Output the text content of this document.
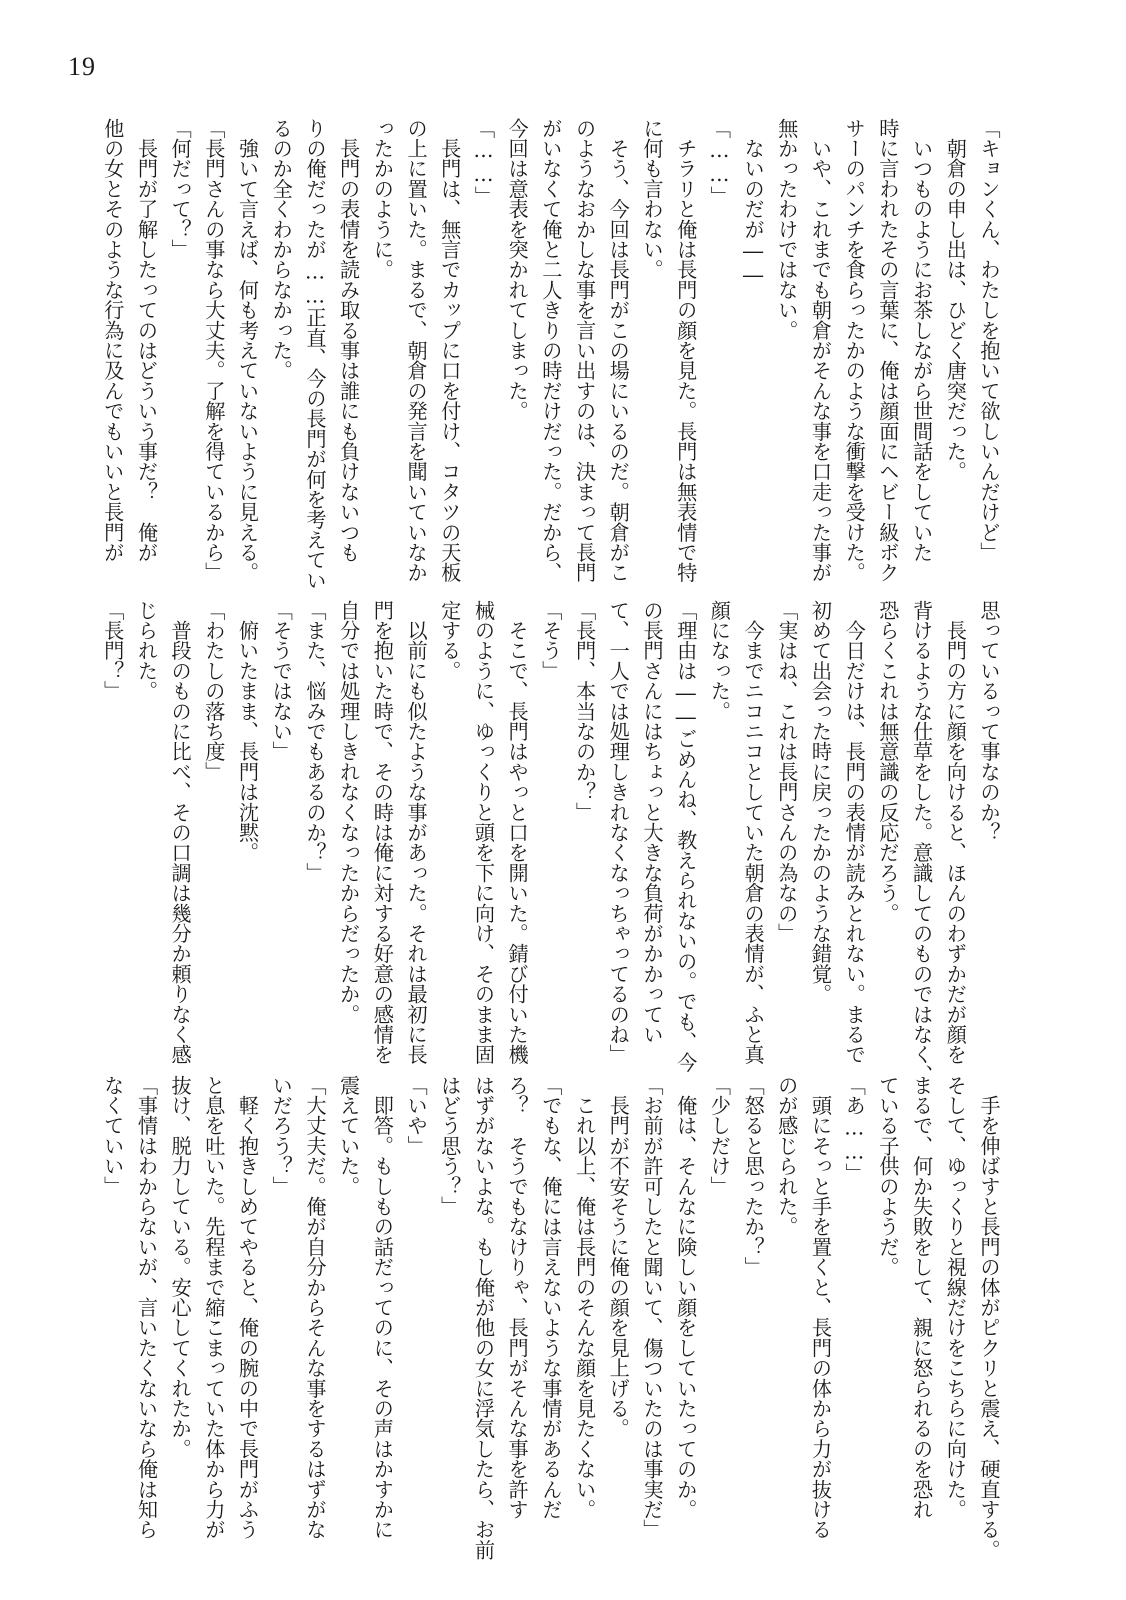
19

「キョンくん、わたしを抱いて欲しいんだけど」

　朝倉の申し出は、ひどく唐突だった。

　いつものようにお茶しながら世間話をしていた

時に言われたその言葉に、俺は顔面にヘビー級ボク

サーのパンチを食らったかのような衝撃を受けた。

　いや、これまでも朝倉がそんな事を口走った事が

無かったわけではない。

　ないのだが――

「……」

　チラリと俺は長門の顔を見た。長門は無表情で特

に何も言わない。

　そう、今回は長門がこの場にいるのだ。朝倉がこ

のようなおかしな事を言い出すのは、決まって長門

がいなくて俺と二人きりの時だけだった。だから、

今回は意表を突かれてしまった。

「……」

　長門は、無言でカップに口を付け、コタツの天板

の上に置いた。まるで、朝倉の発言を聞いていなか

ったかのように。

　長門の表情を読み取る事は誰にも負けないつも

りの俺だったが……正直、今の長門が何を考えてい

るのか全くわからなかった。

　強いて言えば、何も考えていないように見える。

「長門さんの事なら大丈夫。了解を得ているから」

「何だって？」

　長門が了解したってのはどういう事だ？　俺が

他の女とそのような行為に及んでもいいと長門が

思っているって事なのか？

　長門の方に顔を向けると、ほんのわずかだが顔を

背けるような仕草をした。意識してのものではなく、

恐らくこれは無意識の反応だろう。

　今日だけは、長門の表情が読みとれない。まるで

初めて出会った時に戻ったかのような錯覚。

「実はね、これは長門さんの為なの」

　今までニコニコとしていた朝倉の表情が、ふと真

顔になった。

「理由は――ごめんね、教えられないの。でも、今

の長門さんにはちょっと大きな負荷がかかってい

て、一人では処理しきれなくなっちゃってるのね」

「長門、本当なのか？」

「そう」

　そこで、長門はやっと口を開いた。錆び付いた機

械のように、ゆっくりと頭を下に向け、そのまま固

定する。

　以前にも似たような事があった。それは最初に長

門を抱いた時で、その時は俺に対する好意の感情を

自分では処理しきれなくなったからだったか。

「また、悩みでもあるのか？」

「そうではない」

　俯いたまま、長門は沈黙。

「わたしの落ち度」

　普段のものに比べ、その口調は幾分か頼りなく感

じられた。

「長門？」

　手を伸ばすと長門の体がピクリと震え、硬直する。

そして、ゆっくりと視線だけをこちらに向けた。

まるで、何か失敗をして、親に怒られるのを恐れ

ている子供のようだ。

「あ……」

　頭にそっと手を置くと、長門の体から力が抜ける

のが感じられた。

「怒ると思ったか？」

「少しだけ」

　俺は、そんなに険しい顔をしていたってのか。

「お前が許可したと聞いて、傷ついたのは事実だ」

　長門が不安そうに俺の顔を見上げる。

　これ以上、俺は長門のそんな顔を見たくない。

「でもな、俺には言えないような事情があるんだ

ろ？　そうでもなけりゃ、長門がそんな事を許す

はずがないよな。もし俺が他の女に浮気したら、お前

はどう思う？」

「いや」

　即答。もしもの話だってのに、その声はかすかに

震えていた。

「大丈夫だ。俺が自分からそんな事をするはずがな

いだろう？」

　軽く抱きしめてやると、俺の腕の中で長門がふう

と息を吐いた。先程まで縮こまっていた体から力が

抜け、脱力している。安心してくれたか。

「事情はわからないが、言いたくないなら俺は知ら

なくていい」
